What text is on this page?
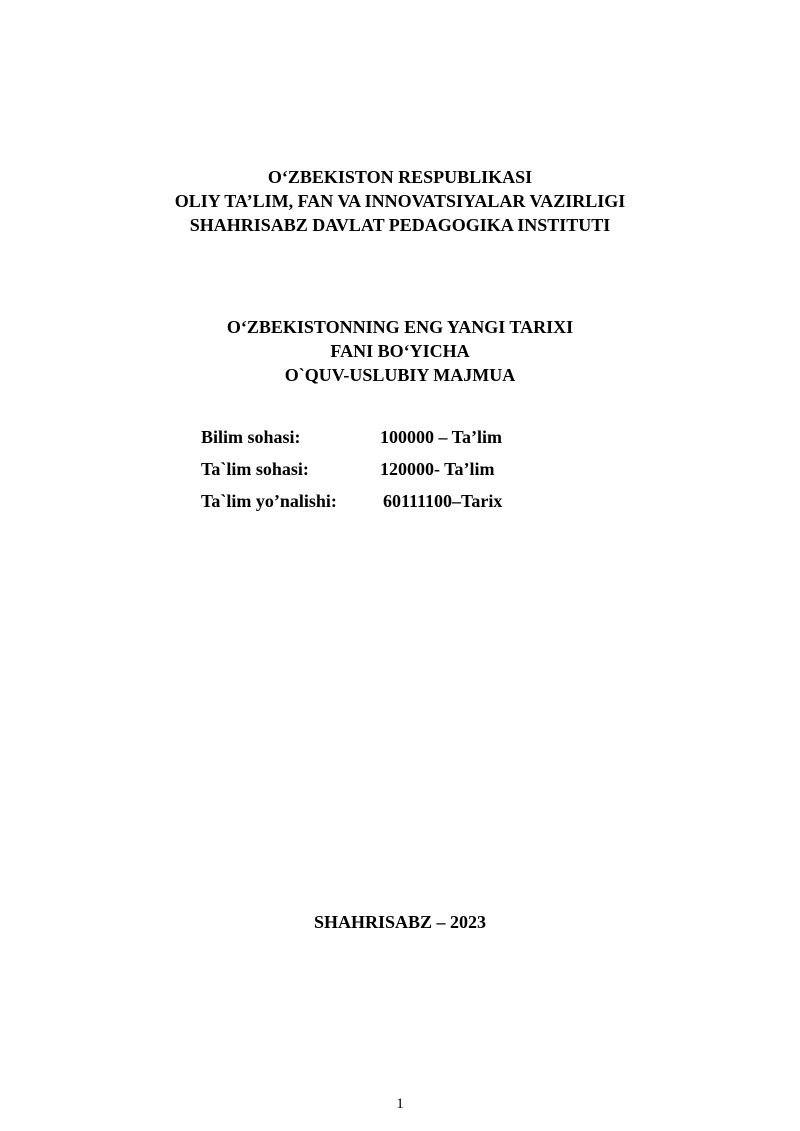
O‘ZBEKISTON RESPUBLIKASI

OLIY TA’LIM, FAN VA INNOVATSIYALAR VAZIRLIGI

SHAHRISABZ DAVLAT PEDAGOGIKA INSTITUTI

O‘ZBEKISTONNING ENG YANGI TARIXI

FANI BO‘YICHA

O`QUV-USLUBIY MAJMUA

Bilim sohasi:	100000 – Ta’lim
Ta`lim sohasi:	120000- Ta’lim
Ta`lim yo’nalishi:	60111100–Tarix
SHAHRISABZ – 2023
1
